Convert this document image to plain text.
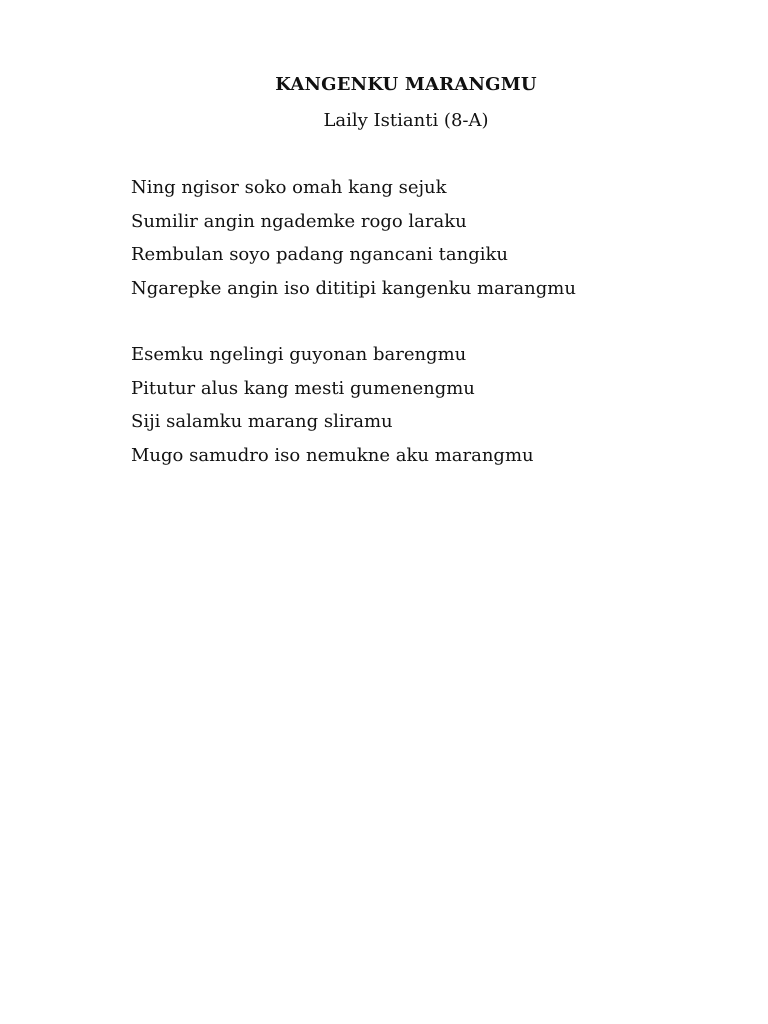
KANGENKU MARANGMU

Laily Istianti (8-A)

Ning ngisor soko omah kang sejuk
Sumilir angin ngademke rogo laraku
Rembulan soyo padang ngancani tangiku
Ngarepke angin iso dititipi kangenku marangmu
Esemku ngelingi guyonan barengmu
Pitutur alus kang mesti gumenengmu
Siji salamku marang sliramu
Mugo samudro iso nemukne aku marangmu
